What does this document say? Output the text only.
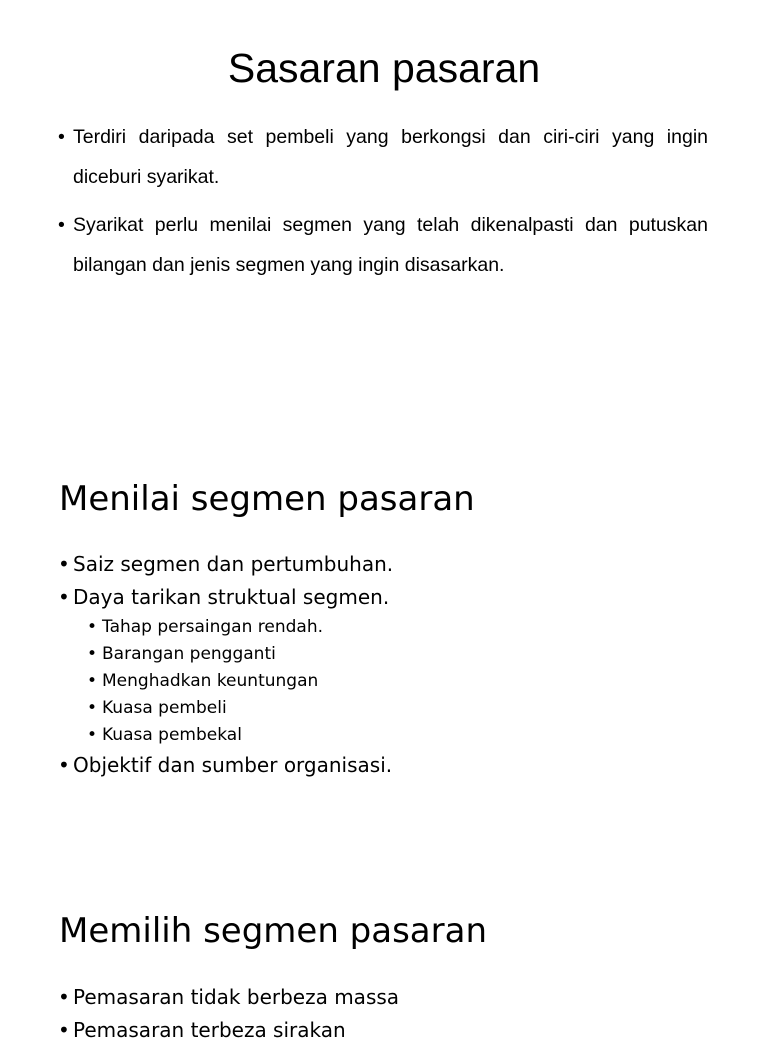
Sasaran pasaran
• Terdiri daripada set pembeli yang berkongsi dan ciri-ciri yang ingin diceburi syarikat.
• Syarikat perlu menilai segmen yang telah dikenalpasti dan putuskan bilangan dan jenis segmen yang ingin disasarkan.
Menilai segmen pasaran
• Saiz segmen dan pertumbuhan.
• Daya tarikan struktual segmen.
• Tahap persaingan rendah.
• Barangan pengganti
• Menghadkan keuntungan
• Kuasa pembeli
• Kuasa pembekal
• Objektif dan sumber organisasi.
Memilih segmen pasaran
• Pemasaran tidak berbeza massa
• Pemasaran terbeza sirakan
